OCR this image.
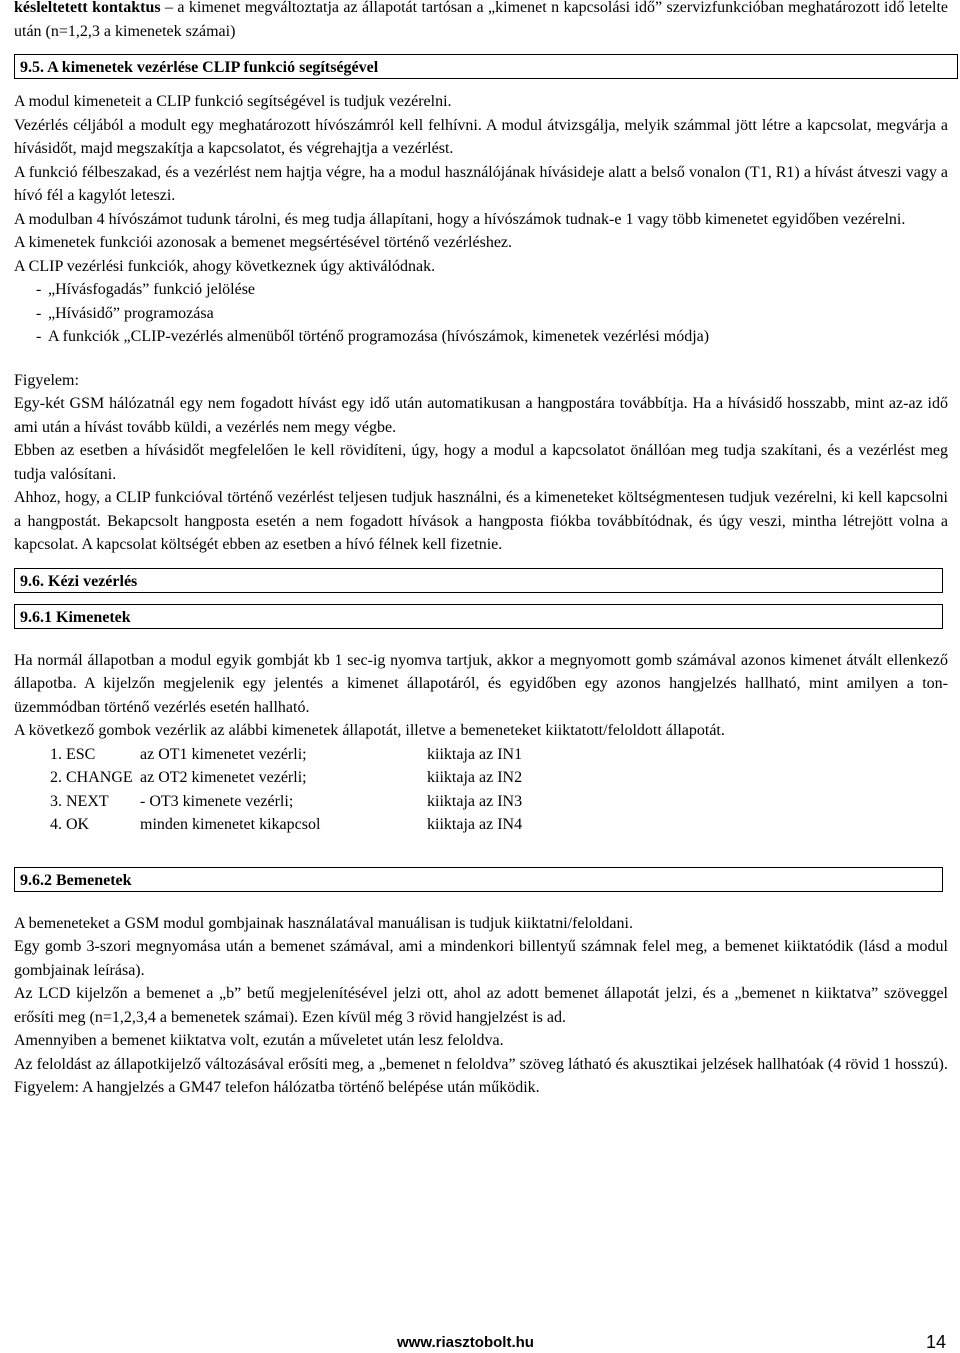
késleltetett kontaktus – a kimenet megváltoztatja az állapotát tartósan a „kimenet n kapcsolási idő” szervizfunkcióban meghatározott idő letelte után (n=1,2,3 a kimenetek számai)

9.5. A kimenetek vezérlése CLIP funkció segítségével

A modul kimeneteit a CLIP funkció segítségével is tudjuk vezérelni.

Vezérlés céljából a modult egy meghatározott hívószámról kell felhívni. A modul átvizsgálja, melyik számmal jött létre a kapcsolat, megvárja a hívásidőt, majd megszakítja a kapcsolatot, és végrehajtja a vezérlést.

A funkció félbeszakad, és a vezérlést nem hajtja végre, ha a modul használójának hívásideje alatt a belső vonalon (T1, R1) a hívást átveszi vagy a hívó fél a kagylót leteszi.

A modulban 4 hívószámot tudunk tárolni, és meg tudja állapítani, hogy a hívószámok tudnak-e 1 vagy több kimenetet egyidőben vezérelni.

A kimenetek funkciói azonosak a bemenet megsértésével történő vezérléshez.

A CLIP vezérlési funkciók, ahogy következnek úgy aktiválódnak.

- „Hívásfogadás” funkció jelölése
- „Hívásidő” programozása
- A funkciók „CLIP-vezérlés almenüből történő programozása (hívószámok, kimenetek vezérlési módja)

Figyelem:

Egy-két GSM hálózatnál egy nem fogadott hívást egy idő után automatikusan a hangpostára továbbítja. Ha a hívásidő hosszabb, mint az-az idő ami után a hívást tovább küldi, a vezérlés nem megy végbe.

Ebben az esetben a hívásidőt megfelelően le kell rövidíteni, úgy, hogy a modul a kapcsolatot önállóan meg tudja szakítani, és a vezérlést meg tudja valósítani.

Ahhoz, hogy, a CLIP funkcióval történő vezérlést teljesen tudjuk használni, és a kimeneteket költségmentesen tudjuk vezérelni, ki kell kapcsolni a hangpostát. Bekapcsolt hangposta esetén a nem fogadott hívások a hangposta fiókba továbbítódnak, és úgy veszi, mintha létrejött volna a kapcsolat. A kapcsolat költségét ebben az esetben a hívó félnek kell fizetnie.

9.6. Kézi vezérlés
9.6.1 Kimenetek

Ha normál állapotban a modul egyik gombját kb 1 sec-ig nyomva tartjuk, akkor a megnyomott gomb számával azonos kimenet átvált ellenkező állapotba. A kijelzőn megjelenik egy jelentés a kimenet állapotáról, és egyidőben egy azonos hangjelzés hallható, mint amilyen a ton-üzemmódban történő vezérlés esetén hallható.

A következő gombok vezérlik az alábbi kimenetek állapotát, illetve a bemeneteket kiiktatott/feloldott állapotát.

1. ESC	az OT1 kimenetet vezérli;	kiiktaja az IN1
2. CHANGE az OT2 kimenetet vezérli;	kiiktaja az IN2
3. NEXT	- OT3 kimenete vezérli;	kiiktaja az IN3
4. OK	minden kimenetet kikapcsol	kiiktaja az IN4
9.6.2 Bemenetek

A bemeneteket a GSM modul gombjainak használatával manuálisan is tudjuk kiiktatni/feloldani.

Egy gomb 3-szori megnyomása után a bemenet számával, ami a mindenkori billentyű számnak felel meg, a bemenet kiiktatódik (lásd a modul gombjainak leírása).

Az LCD kijelzőn a bemenet a „b” betű megjelenítésével jelzi ott, ahol az adott bemenet állapotát jelzi, és a „bemenet n kiiktatva” szöveggel erősíti meg (n=1,2,3,4 a bemenetek számai). Ezen kívül még 3 rövid hangjelzést is ad.

Amennyiben a bemenet kiiktatva volt, ezután a műveletet után lesz feloldva.

Az feloldást az állapotkijelző változásával erősíti meg, a „bemenet n feloldva” szöveg látható és akusztikai jelzések hallhatóak (4 rövid 1 hosszú).

Figyelem: A hangjelzés a GM47 telefon hálózatba történő belépése után működik.

www.riasztobolt.hu	14
